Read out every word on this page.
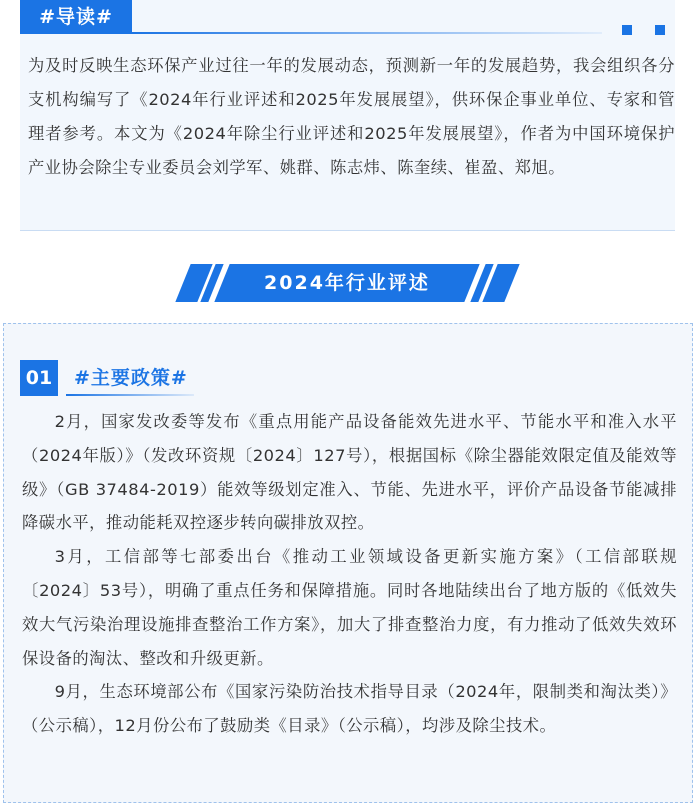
#导读#
为及时反映生态环保产业过往一年的发展动态，预测新一年的发展趋势，我会组织各分支机构编写了《2024年行业评述和2025年发展展望》，供环保企事业单位、专家和管理者参考。本文为《2024年除尘行业评述和2025年发展展望》，作者为中国环境保护产业协会除尘专业委员会刘学军、姚群、陈志炜、陈奎续、崔盈、郑旭。
2024年行业评述
01	#主要政策#

2月，国家发改委等发布《重点用能产品设备能效先进水平、节能水平和准入水平（2024年版）》（发改环资规〔2024〕127号），根据国标《除尘器能效限定值及能效等级》（GB 37484-2019）能效等级划定准入、节能、先进水平，评价产品设备节能减排降碳水平，推动能耗双控逐步转向碳排放双控。

3月，工信部等七部委出台《推动工业领域设备更新实施方案》（工信部联规〔2024〕53号），明确了重点任务和保障措施。同时各地陆续出台了地方版的《低效失效大气污染治理设施排查整治工作方案》，加大了排查整治力度，有力推动了低效失效环保设备的淘汰、整改和升级更新。

9月，生态环境部公布《国家污染防治技术指导目录（2024年，限制类和淘汰类）》（公示稿），12月份公布了鼓励类《目录》（公示稿），均涉及除尘技术。
